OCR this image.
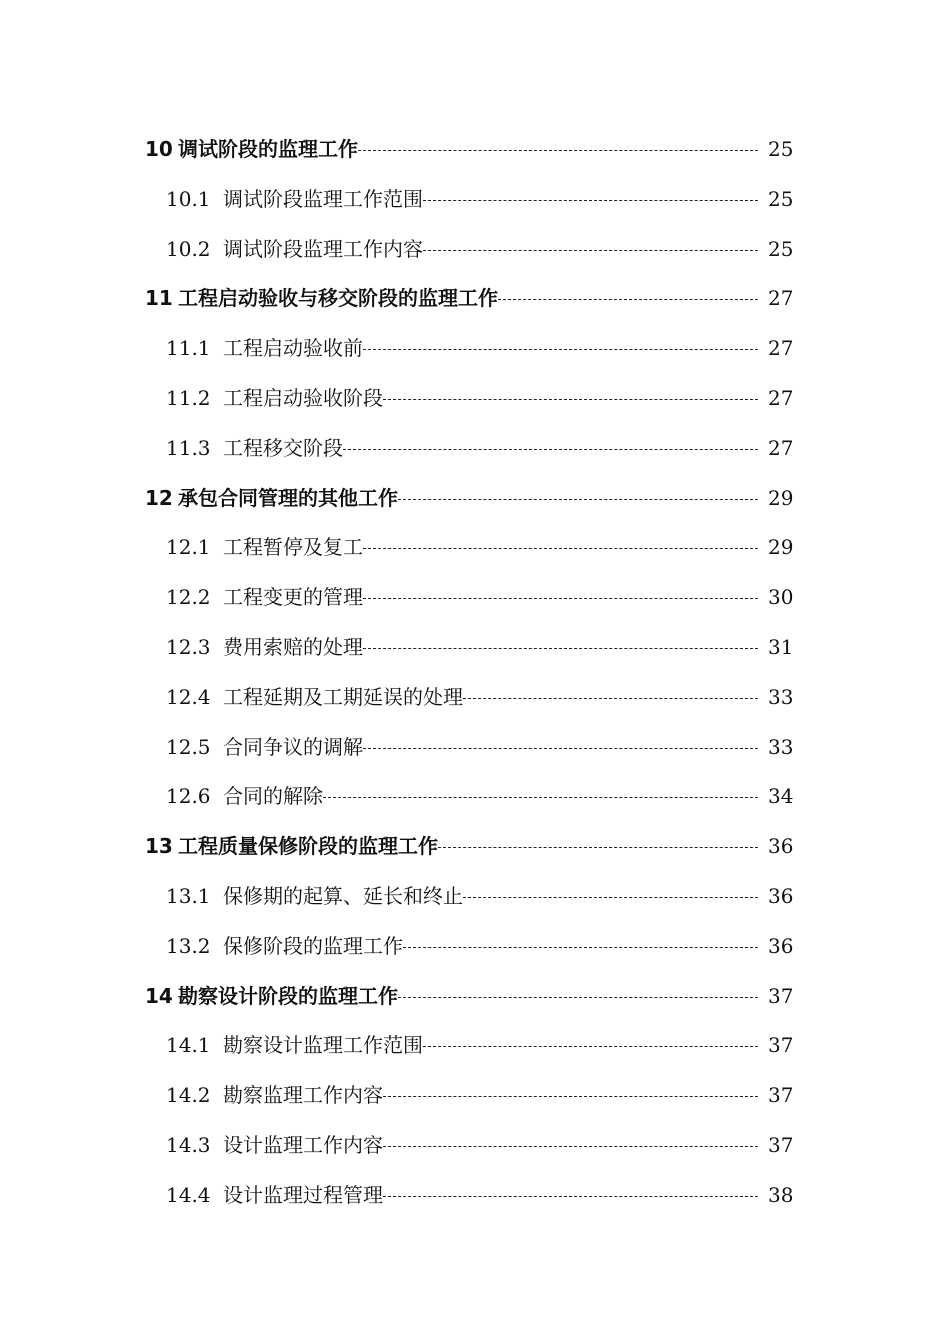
10 调试阶段的监理工作	25
10.1 调试阶段监理工作范围	25
10.2 调试阶段监理工作内容	25
11 工程启动验收与移交阶段的监理工作	27
11.1 工程启动验收前	27
11.2 工程启动验收阶段	27
11.3 工程移交阶段	27
12 承包合同管理的其他工作	29
12.1 工程暂停及复工	29
12.2 工程变更的管理	30
12.3 费用索赔的处理	31
12.4 工程延期及工期延误的处理	33
12.5 合同争议的调解	33
12.6 合同的解除	34
13 工程质量保修阶段的监理工作	36
13.1 保修期的起算、延长和终止	36
13.2 保修阶段的监理工作	36
14 勘察设计阶段的监理工作	37
14.1 勘察设计监理工作范围	37
14.2 勘察监理工作内容	37
14.3 设计监理工作内容	37
14.4 设计监理过程管理	38
